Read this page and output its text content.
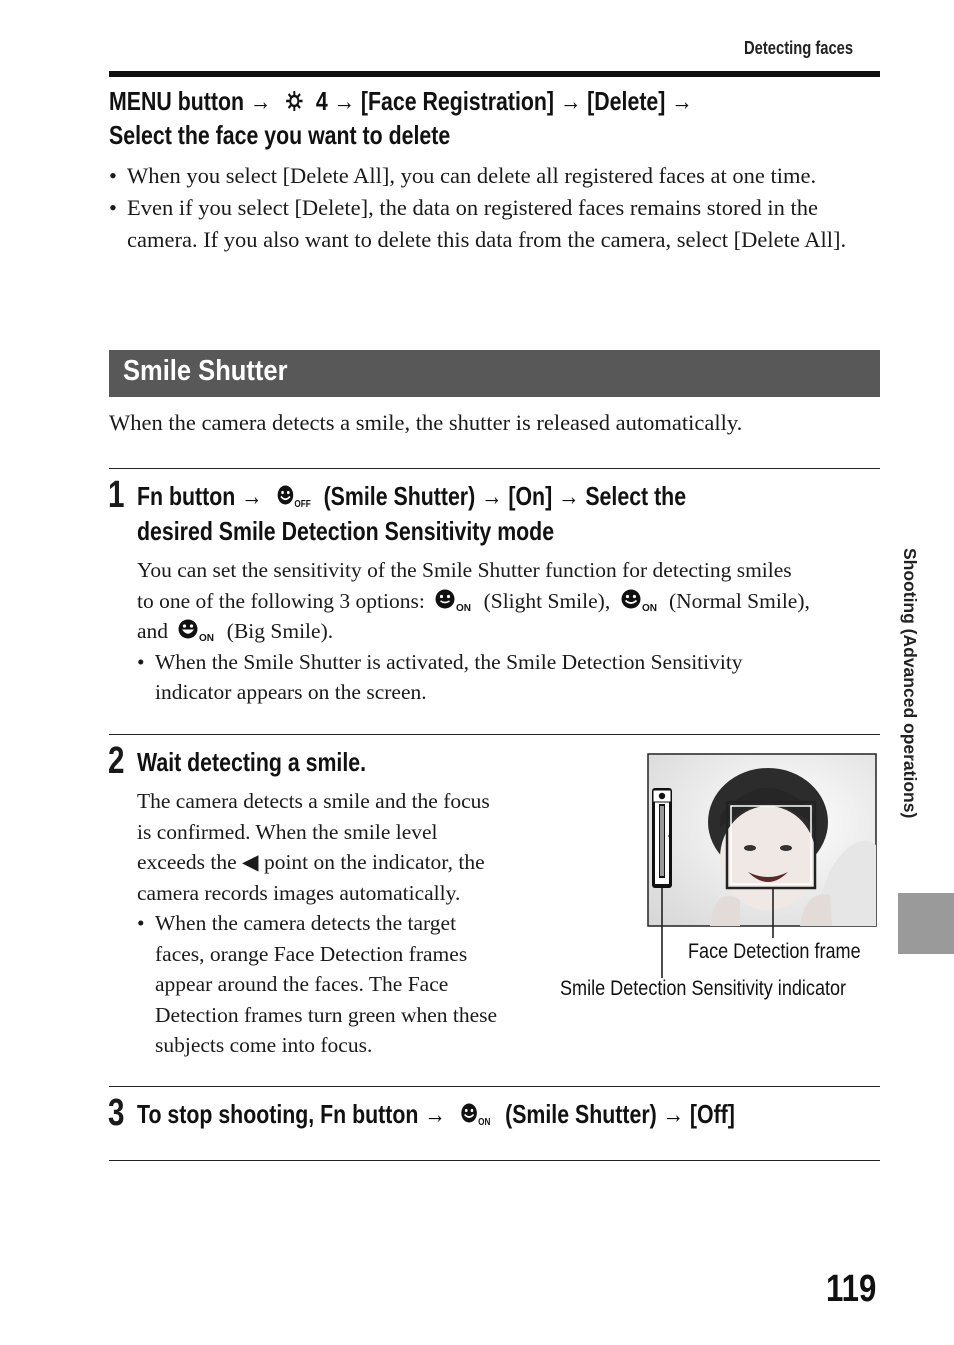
Detecting faces
MENU button → 4 → [Face Registration] → [Delete] →
Select the face you want to delete
• When you select [Delete All], you can delete all registered faces at one time.
• Even if you select [Delete], the data on registered faces remains stored in the camera. If you also want to delete this data from the camera, select [Delete All].
Smile Shutter
When the camera detects a smile, the shutter is released automatically.
1 Fn button →	OFF (Smile Shutter) → [On] → Select the
desired Smile Detection Sensitivity mode
You can set the sensitivity of the Smile Shutter function for detecting smiles
to one of the following 3 options:	ON (Slight Smile),	ON (Normal Smile),
and	ON (Big Smile).
• When the Smile Shutter is activated, the Smile Detection Sensitivity
indicator appears on the screen.
2 Wait detecting a smile.
The camera detects a smile and the focus
is confirmed. When the smile level
exceeds the ◀ point on the indicator, the
camera records images automatically.
• When the camera detects the target
faces, orange Face Detection frames
appear around the faces. The Face
Detection frames turn green when these
subjects come into focus.
Face Detection frame
Smile Detection Sensitivity indicator
3 To stop shooting, Fn button →	ON (Smile Shutter) → [Off]
Shooting (Advanced operations)
119
